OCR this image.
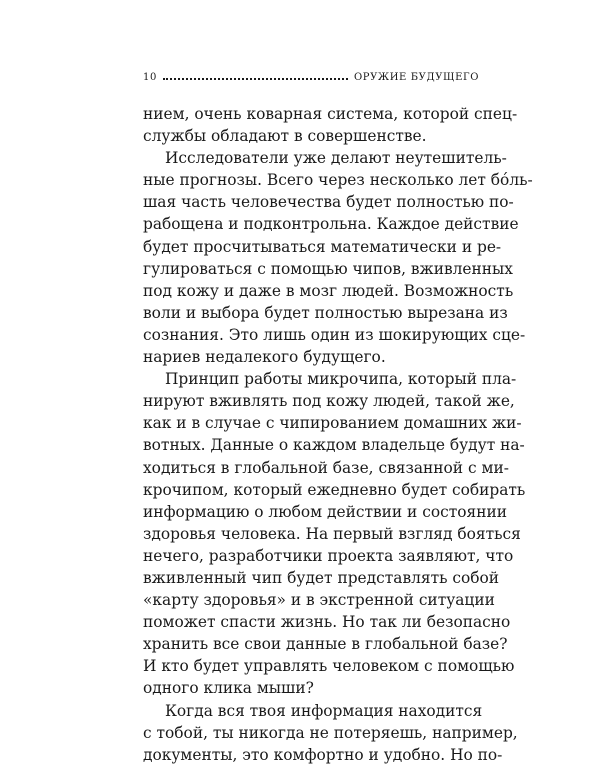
10	ОРУЖИЕ БУДУЩЕГО
нием, очень коварная система, которой спец-
службы обладают в совершенстве.
Исследователи уже делают неутешитель-
ные прогнозы. Всего через несколько лет бóль-
шая часть человечества будет полностью по-
рабощена и подконтрольна. Каждое действие
будет просчитываться математически и ре-
гулироваться с помощью чипов, вживленных
под кожу и даже в мозг людей. Возможность
воли и выбора будет полностью вырезана из
сознания. Это лишь один из шокирующих сце-
нариев недалекого будущего.
Принцип работы микрочипа, который пла-
нируют вживлять под кожу людей, такой же,
как и в случае с чипированием домашних жи-
вотных. Данные о каждом владельце будут на-
ходиться в глобальной базе, связанной с ми-
крочипом, который ежедневно будет собирать
информацию о любом действии и состоянии
здоровья человека. На первый взгляд бояться
нечего, разработчики проекта заявляют, что
вживленный чип будет представлять собой
«карту здоровья» и в экстренной ситуации
поможет спасти жизнь. Но так ли безопасно
хранить все свои данные в глобальной базе?
И кто будет управлять человеком с помощью
одного клика мыши?
Когда вся твоя информация находится
с тобой, ты никогда не потеряешь, например,
документы, это комфортно и удобно. Но по-
